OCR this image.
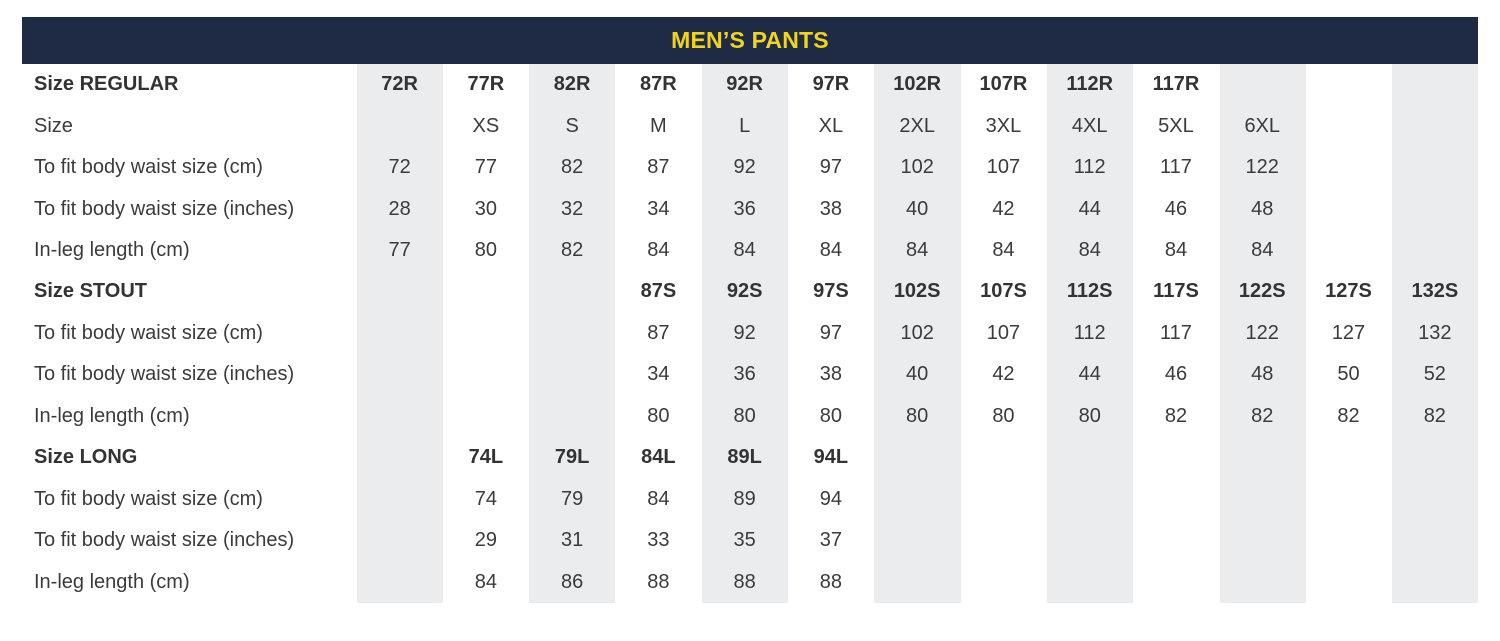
MEN’S PANTS
Size REGULAR	72R	77R	82R	87R	92R	97R	102R	107R	112R	117R			
Size		XS	S	M	L	XL	2XL	3XL	4XL	5XL	6XL		
To fit body waist size (cm)	72	77	82	87	92	97	102	107	112	117	122		
To fit body waist size (inches)	28	30	32	34	36	38	40	42	44	46	48		
In-leg length (cm)	77	80	82	84	84	84	84	84	84	84	84		
Size STOUT				87S	92S	97S	102S	107S	112S	117S	122S	127S	132S
To fit body waist size (cm)				87	92	97	102	107	112	117	122	127	132
To fit body waist size (inches)				34	36	38	40	42	44	46	48	50	52
In-leg length (cm)				80	80	80	80	80	80	82	82	82	82
Size LONG		74L	79L	84L	89L	94L							
To fit body waist size (cm)		74	79	84	89	94							
To fit body waist size (inches)		29	31	33	35	37							
In-leg length (cm)		84	86	88	88	88							
